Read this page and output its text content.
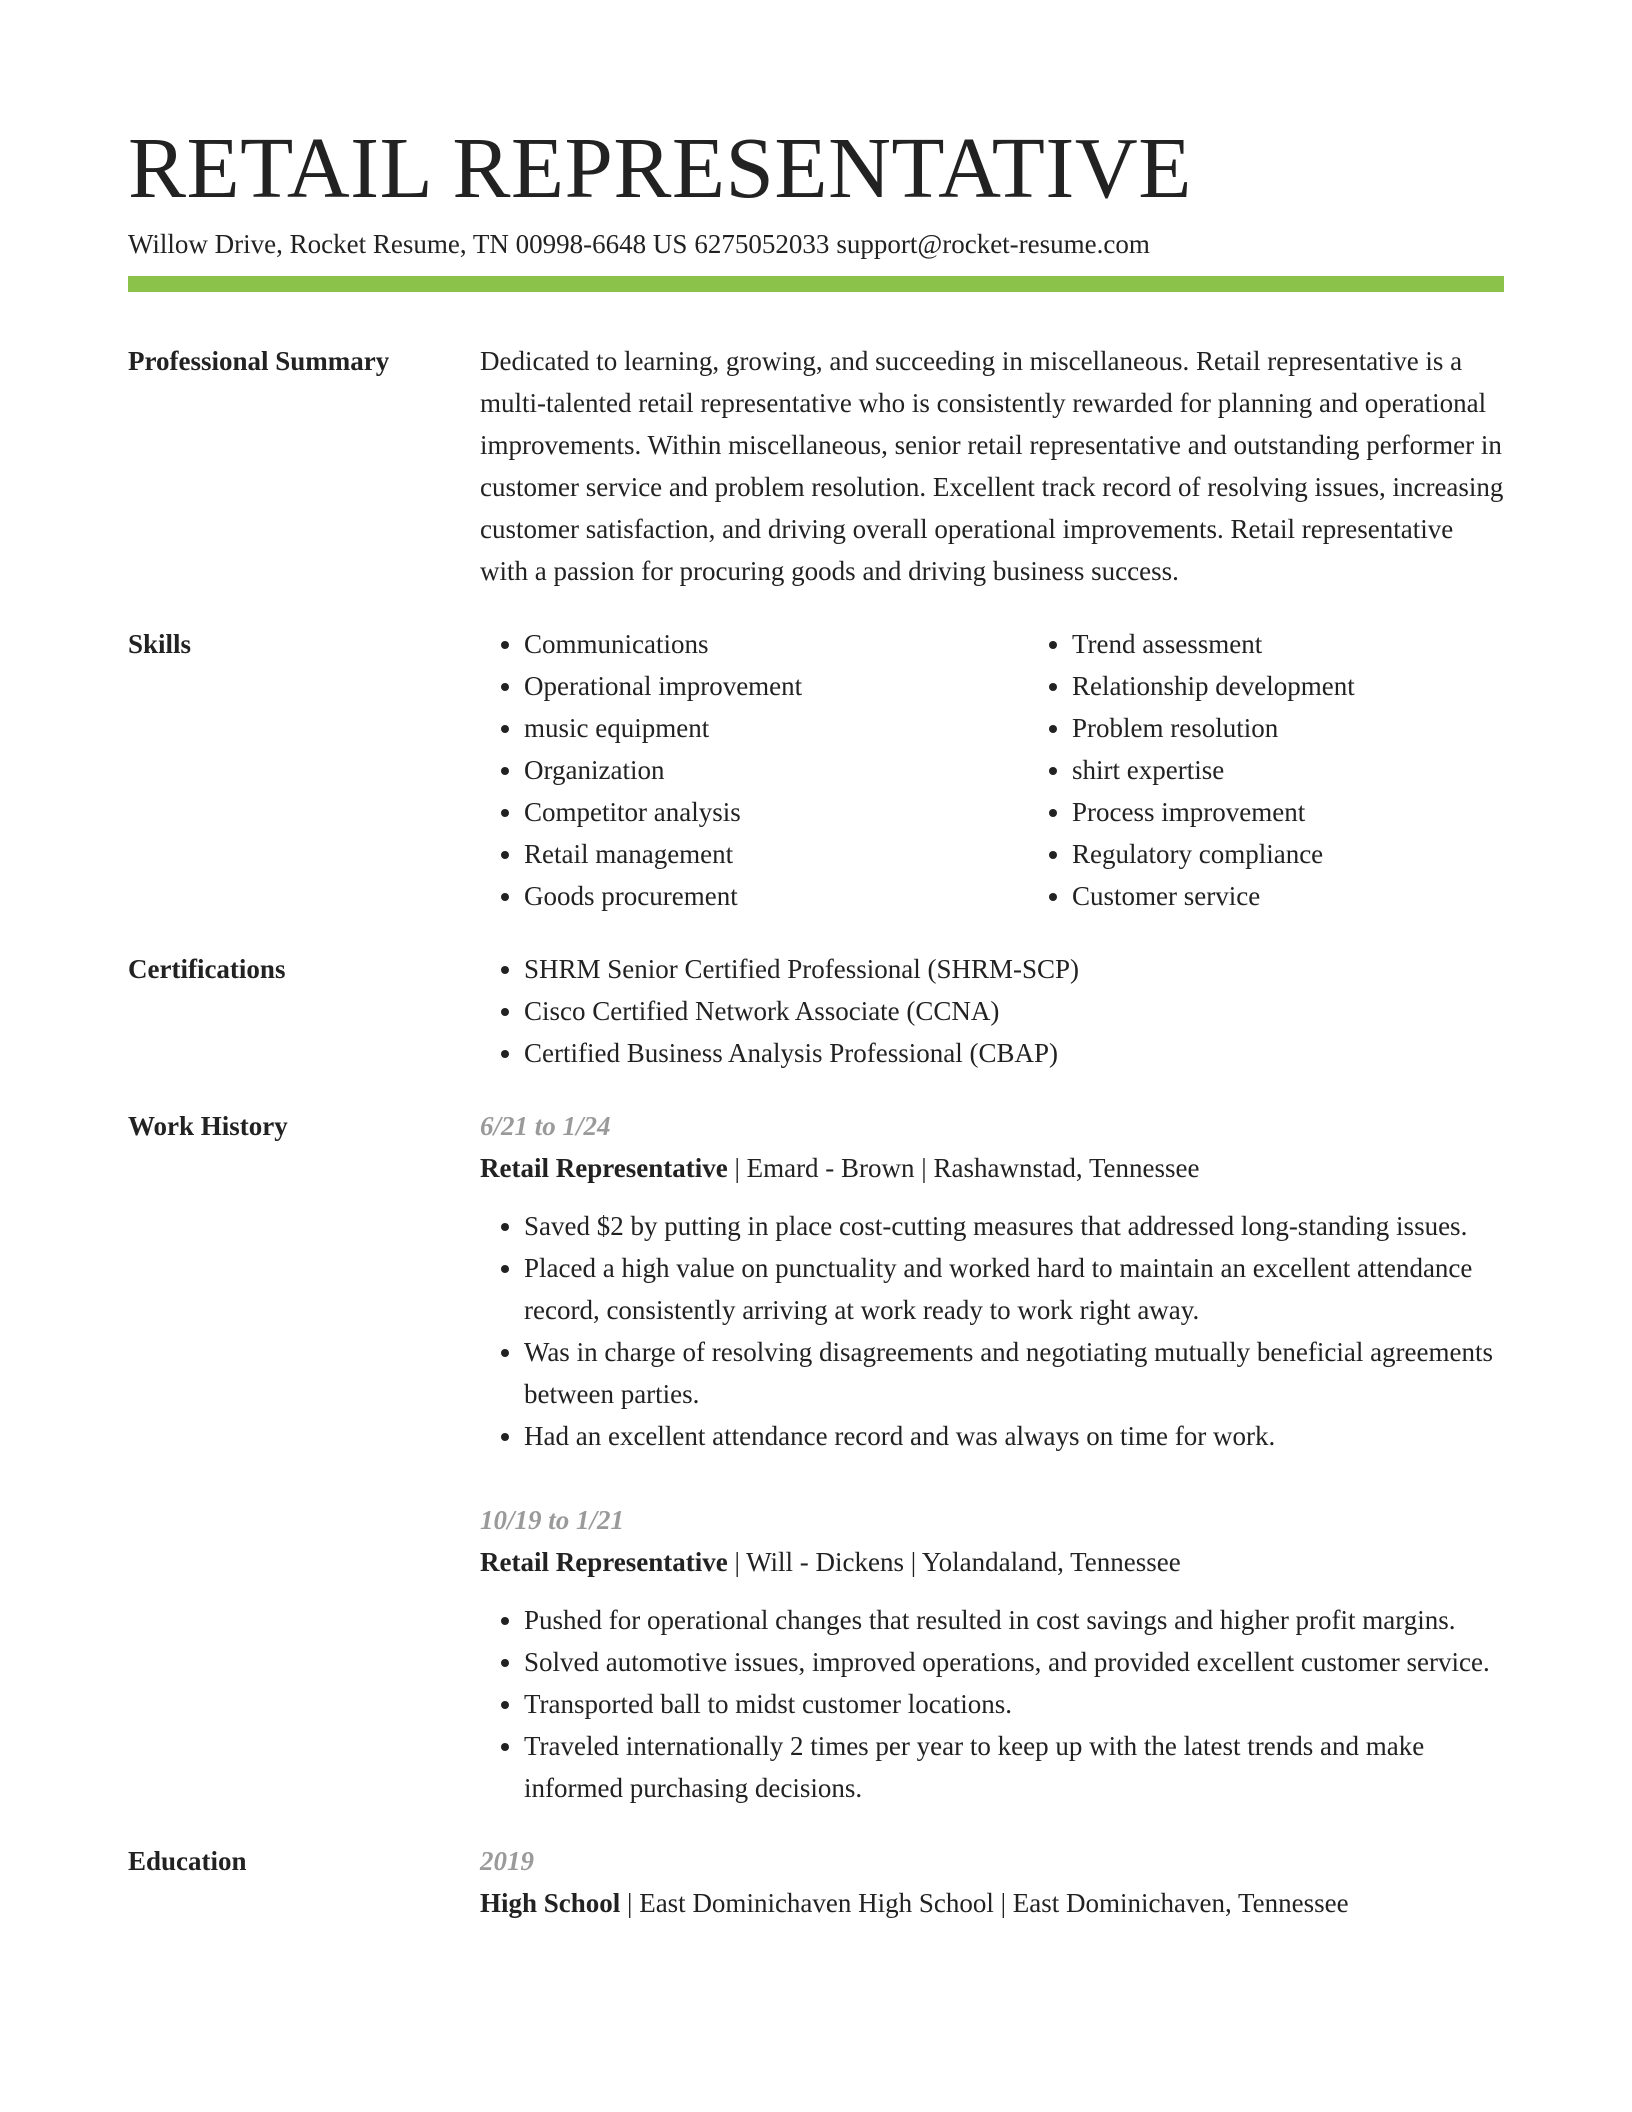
RETAIL REPRESENTATIVE
Willow Drive, Rocket Resume, TN 00998-6648 US 6275052033 support@rocket-resume.com
Professional Summary	Dedicated to learning, growing, and succeeding in miscellaneous. Retail representative is a multi-talented retail representative who is consistently rewarded for planning and operational improvements. Within miscellaneous, senior retail representative and outstanding performer in customer service and problem resolution. Excellent track record of resolving issues, increasing customer satisfaction, and driving overall operational improvements. Retail representative with a passion for procuring goods and driving business success.

Skills	• Communications
• Operational improvement
• music equipment
• Organization
• Competitor analysis
• Retail management
• Goods procurement
• Trend assessment
• Relationship development
• Problem resolution
• shirt expertise
• Process improvement
• Regulatory compliance
• Customer service
Certifications	• SHRM Senior Certified Professional (SHRM-SCP)
• Cisco Certified Network Associate (CCNA)
• Certified Business Analysis Professional (CBAP)
Work History	6/21 to 1/24
Retail Representative | Emard - Brown | Rashawnstad, Tennessee
• Saved $2 by putting in place cost-cutting measures that addressed long-standing issues.
• Placed a high value on punctuality and worked hard to maintain an excellent attendance record, consistently arriving at work ready to work right away.
• Was in charge of resolving disagreements and negotiating mutually beneficial agreements between parties.
• Had an excellent attendance record and was always on time for work.
10/19 to 1/21
Retail Representative | Will - Dickens | Yolandaland, Tennessee
• Pushed for operational changes that resulted in cost savings and higher profit margins.
• Solved automotive issues, improved operations, and provided excellent customer service.
• Transported ball to midst customer locations.
• Traveled internationally 2 times per year to keep up with the latest trends and make informed purchasing decisions.
Education	2019
High School | East Dominichaven High School | East Dominichaven, Tennessee
